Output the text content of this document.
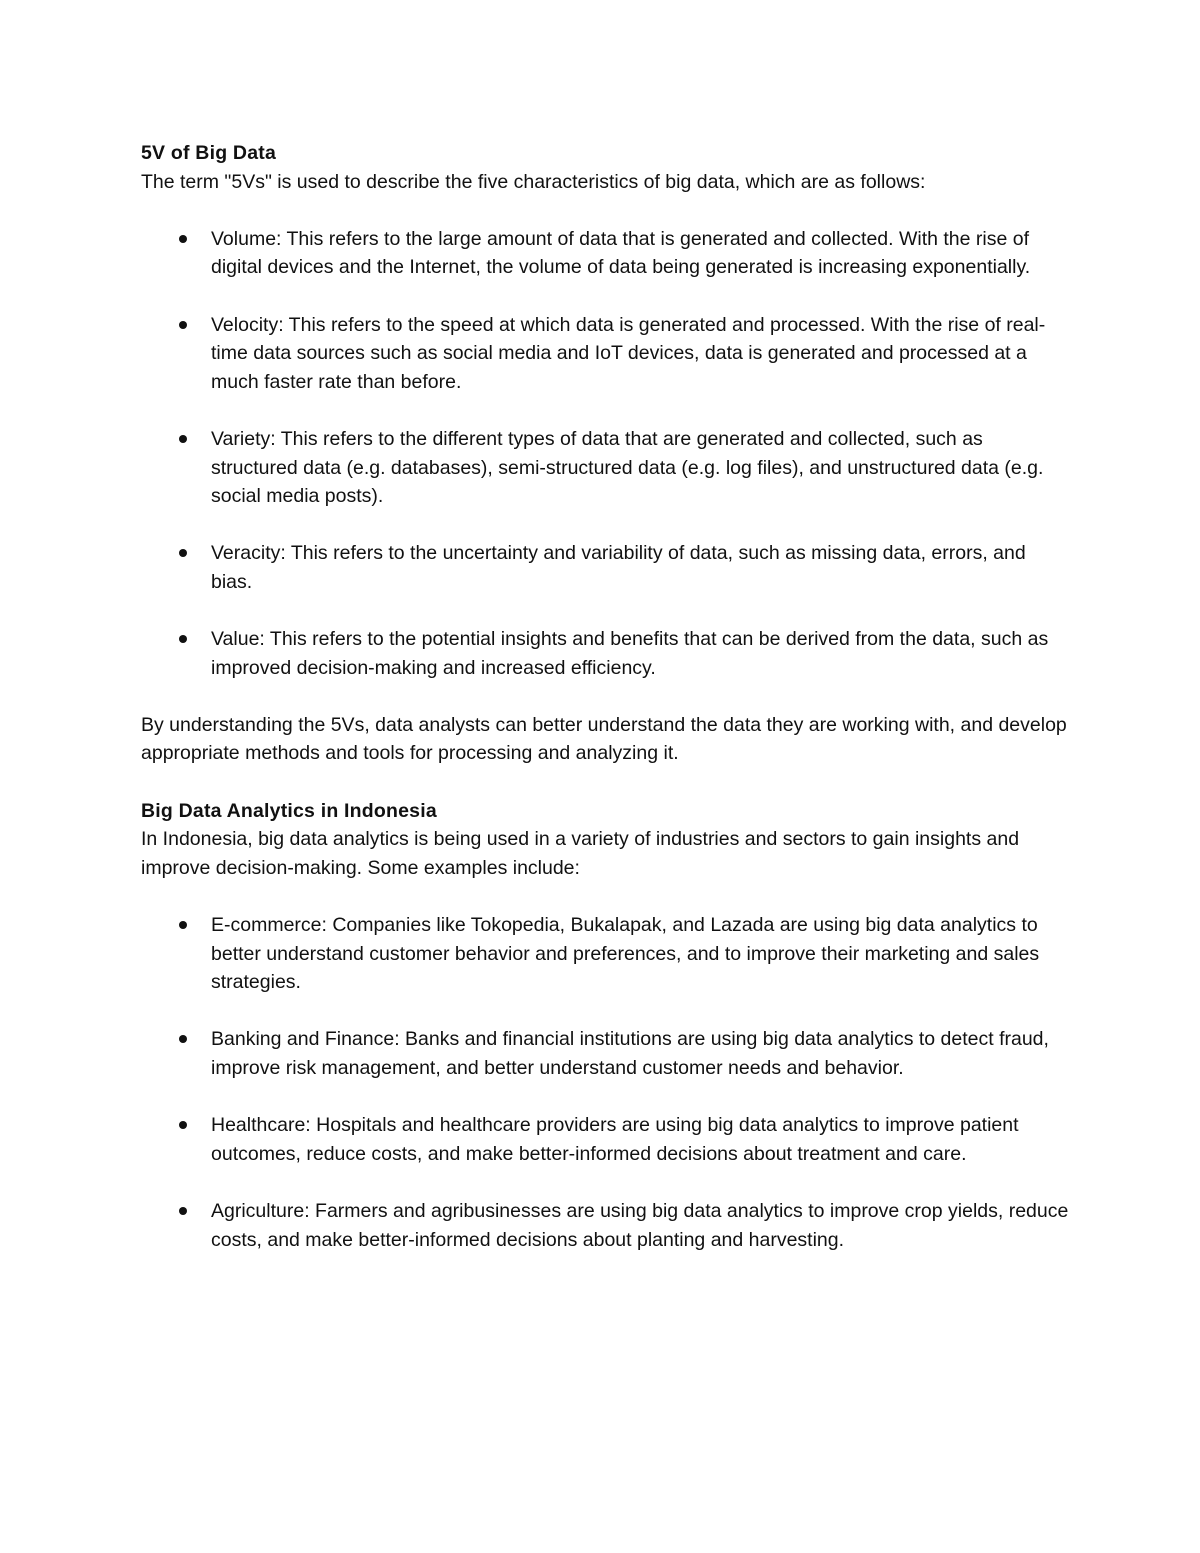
5V of Big Data

The term "5Vs" is used to describe the five characteristics of big data, which are as follows:

Volume: This refers to the large amount of data that is generated and collected. With the rise of digital devices and the Internet, the volume of data being generated is increasing exponentially.
Velocity: This refers to the speed at which data is generated and processed. With the rise of real-time data sources such as social media and IoT devices, data is generated and processed at a much faster rate than before.
Variety: This refers to the different types of data that are generated and collected, such as structured data (e.g. databases), semi-structured data (e.g. log files), and unstructured data (e.g. social media posts).
Veracity: This refers to the uncertainty and variability of data, such as missing data, errors, and bias.
Value: This refers to the potential insights and benefits that can be derived from the data, such as improved decision-making and increased efficiency.

By understanding the 5Vs, data analysts can better understand the data they are working with, and develop appropriate methods and tools for processing and analyzing it.

Big Data Analytics in Indonesia

In Indonesia, big data analytics is being used in a variety of industries and sectors to gain insights and improve decision-making. Some examples include:

E-commerce: Companies like Tokopedia, Bukalapak, and Lazada are using big data analytics to better understand customer behavior and preferences, and to improve their marketing and sales strategies.
Banking and Finance: Banks and financial institutions are using big data analytics to detect fraud, improve risk management, and better understand customer needs and behavior.
Healthcare: Hospitals and healthcare providers are using big data analytics to improve patient outcomes, reduce costs, and make better-informed decisions about treatment and care.
Agriculture: Farmers and agribusinesses are using big data analytics to improve crop yields, reduce costs, and make better-informed decisions about planting and harvesting.
